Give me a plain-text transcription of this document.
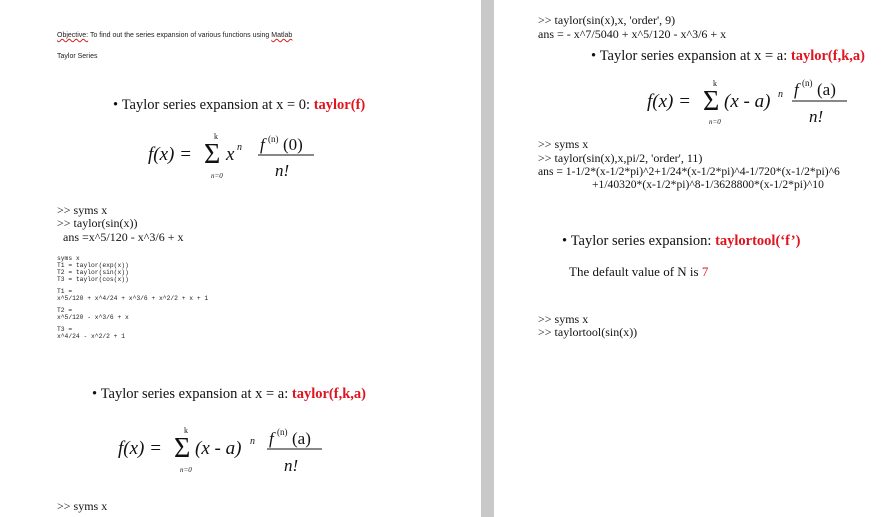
Objective: To find out the series expansion of various functions using Matlab
Taylor Series
• Taylor series expansion at x = 0: taylor(f)
f(x) =
k
Σ
n=0
x n f (n) (0)
n!
>> syms x
>> taylor(sin(x))
ans =x^5/120 - x^3/6 + x
syms x
T1 = taylor(exp(x))
T2 = taylor(sin(x))
T3 = taylor(cos(x))
T1 =
x^5/120 + x^4/24 + x^3/6 + x^2/2 + x + 1
T2 =
x^5/120 - x^3/6 + x
T3 =
x^4/24 - x^2/2 + 1
• Taylor series expansion at x = a: taylor(f,k,a)
f(x) =
k
Σ
n=0
(x - a) n f (n) (a)
n!
>> syms x
>> taylor(sin(x),x, 'order', 9)
ans = - x^7/5040 + x^5/120 - x^3/6 + x
• Taylor series expansion at x = a: taylor(f,k,a)
f(x) =
k
Σ
n=0
(x - a) n f (n) (a)
n!
>> syms x
>> taylor(sin(x),x,pi/2, 'order', 11)
ans = 1-1/2*(x-1/2*pi)^2+1/24*(x-1/2*pi)^4-1/720*(x-1/2*pi)^6
+1/40320*(x-1/2*pi)^8-1/3628800*(x-1/2*pi)^10
• Taylor series expansion: taylortool(‘f’)
The default value of N is 7
>> syms x
>> taylortool(sin(x))
